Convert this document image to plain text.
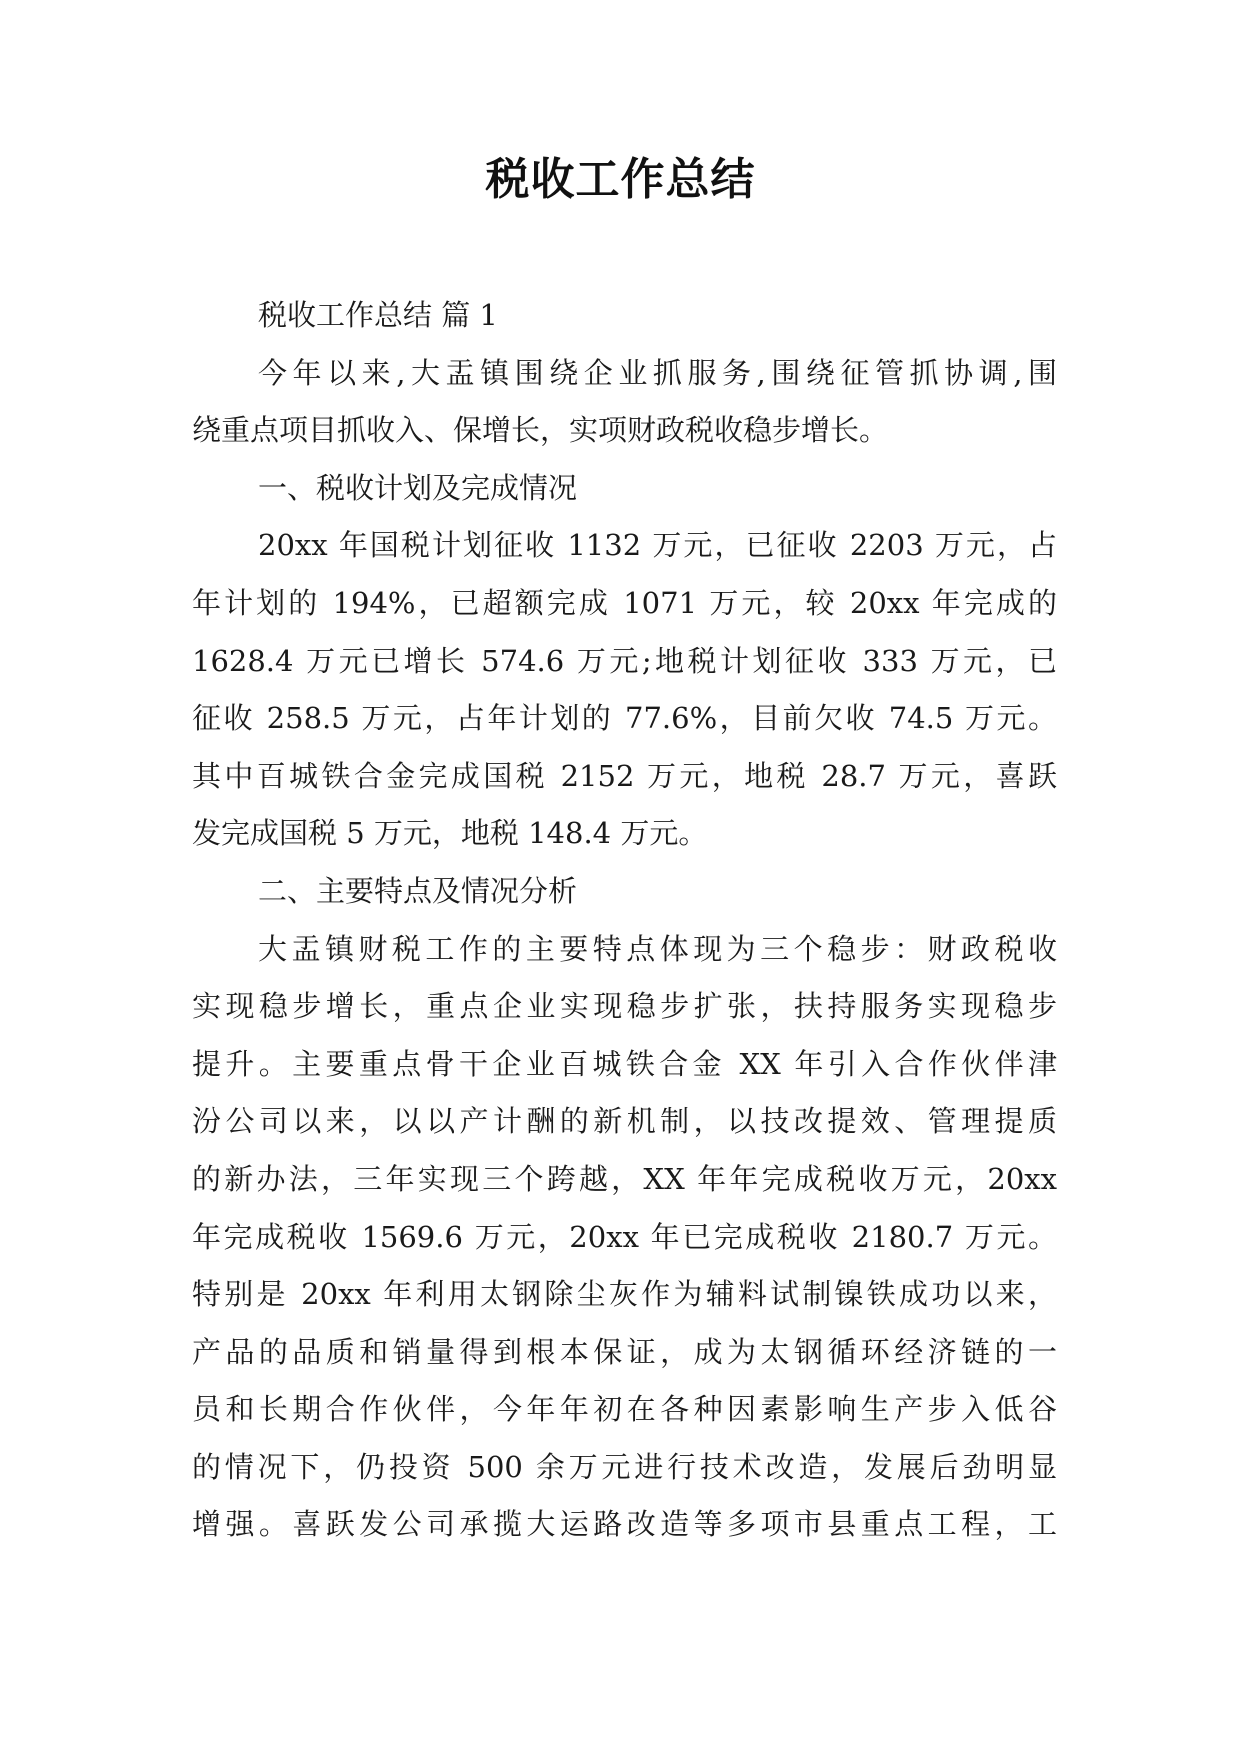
税收工作总结
税收工作总结 篇 1
今年以来,大盂镇围绕企业抓服务,围绕征管抓协调,围
绕重点项目抓收入、保增长，实项财政税收稳步增长。
一、税收计划及完成情况
20xx 年国税计划征收 1132 万元，已征收 2203 万元，占
年计划的 194%，已超额完成 1071 万元，较 20xx 年完成的
1628.4 万元已增长 574.6 万元;地税计划征收 333 万元，已
征收 258.5 万元，占年计划的 77.6%，目前欠收 74.5 万元。
其中百城铁合金完成国税 2152 万元，地税 28.7 万元，喜跃
发完成国税 5 万元，地税 148.4 万元。
二、主要特点及情况分析
大盂镇财税工作的主要特点体现为三个稳步：财政税收
实现稳步增长，重点企业实现稳步扩张，扶持服务实现稳步
提升。主要重点骨干企业百城铁合金 XX 年引入合作伙伴津
汾公司以来，以以产计酬的新机制，以技改提效、管理提质
的新办法，三年实现三个跨越，XX 年年完成税收万元，20xx
年完成税收 1569.6 万元，20xx 年已完成税收 2180.7 万元。
特别是 20xx 年利用太钢除尘灰作为辅料试制镍铁成功以来，
产品的品质和销量得到根本保证，成为太钢循环经济链的一
员和长期合作伙伴，今年年初在各种因素影响生产步入低谷
的情况下，仍投资 500 余万元进行技术改造，发展后劲明显
增强。喜跃发公司承揽大运路改造等多项市县重点工程，工
